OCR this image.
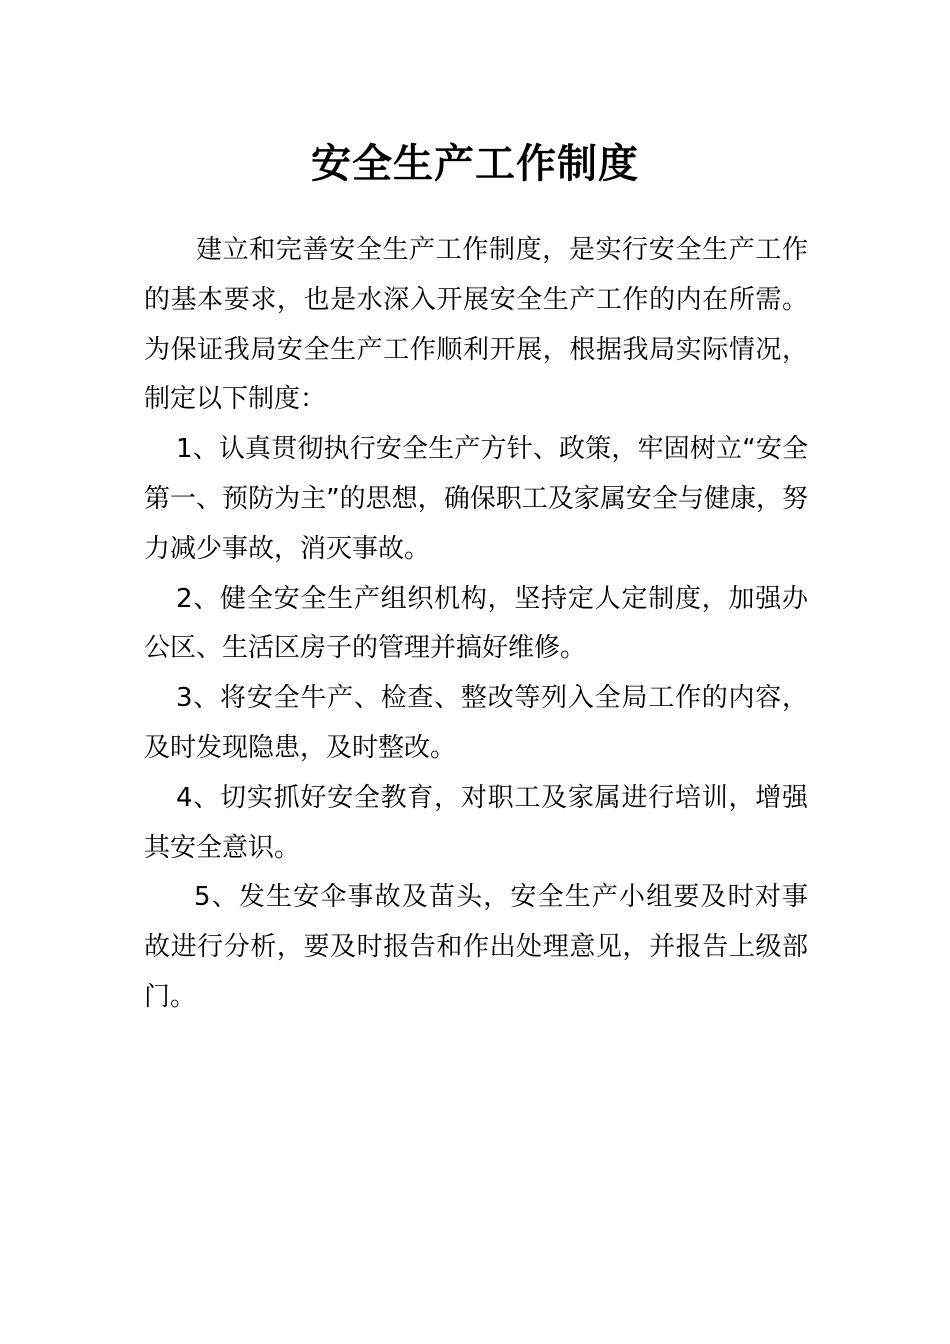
安全生产工作制度

建立和完善安全生产工作制度，是实行安全生产工作的基本要求，也是水深入开展安全生产工作的内在所需。为保证我局安全生产工作顺利开展，根据我局实际情况，制定以下制度：

1、认真贯彻执行安全生产方针、政策，牢固树立“安全第一、预防为主”的思想，确保职工及家属安全与健康，努力减少事故，消灭事故。

2、健全安全生产组织机构，坚持定人定制度，加强办公区、生活区房子的管理并搞好维修。

3、将安全牛产、检查、整改等列入全局工作的内容，及时发现隐患，及时整改。

4、切实抓好安全教育，对职工及家属进行培训，增强其安全意识。

5、发生安伞事故及苗头，安全生产小组要及时对事故进行分析，要及时报告和作出处理意见，并报告上级部门。
